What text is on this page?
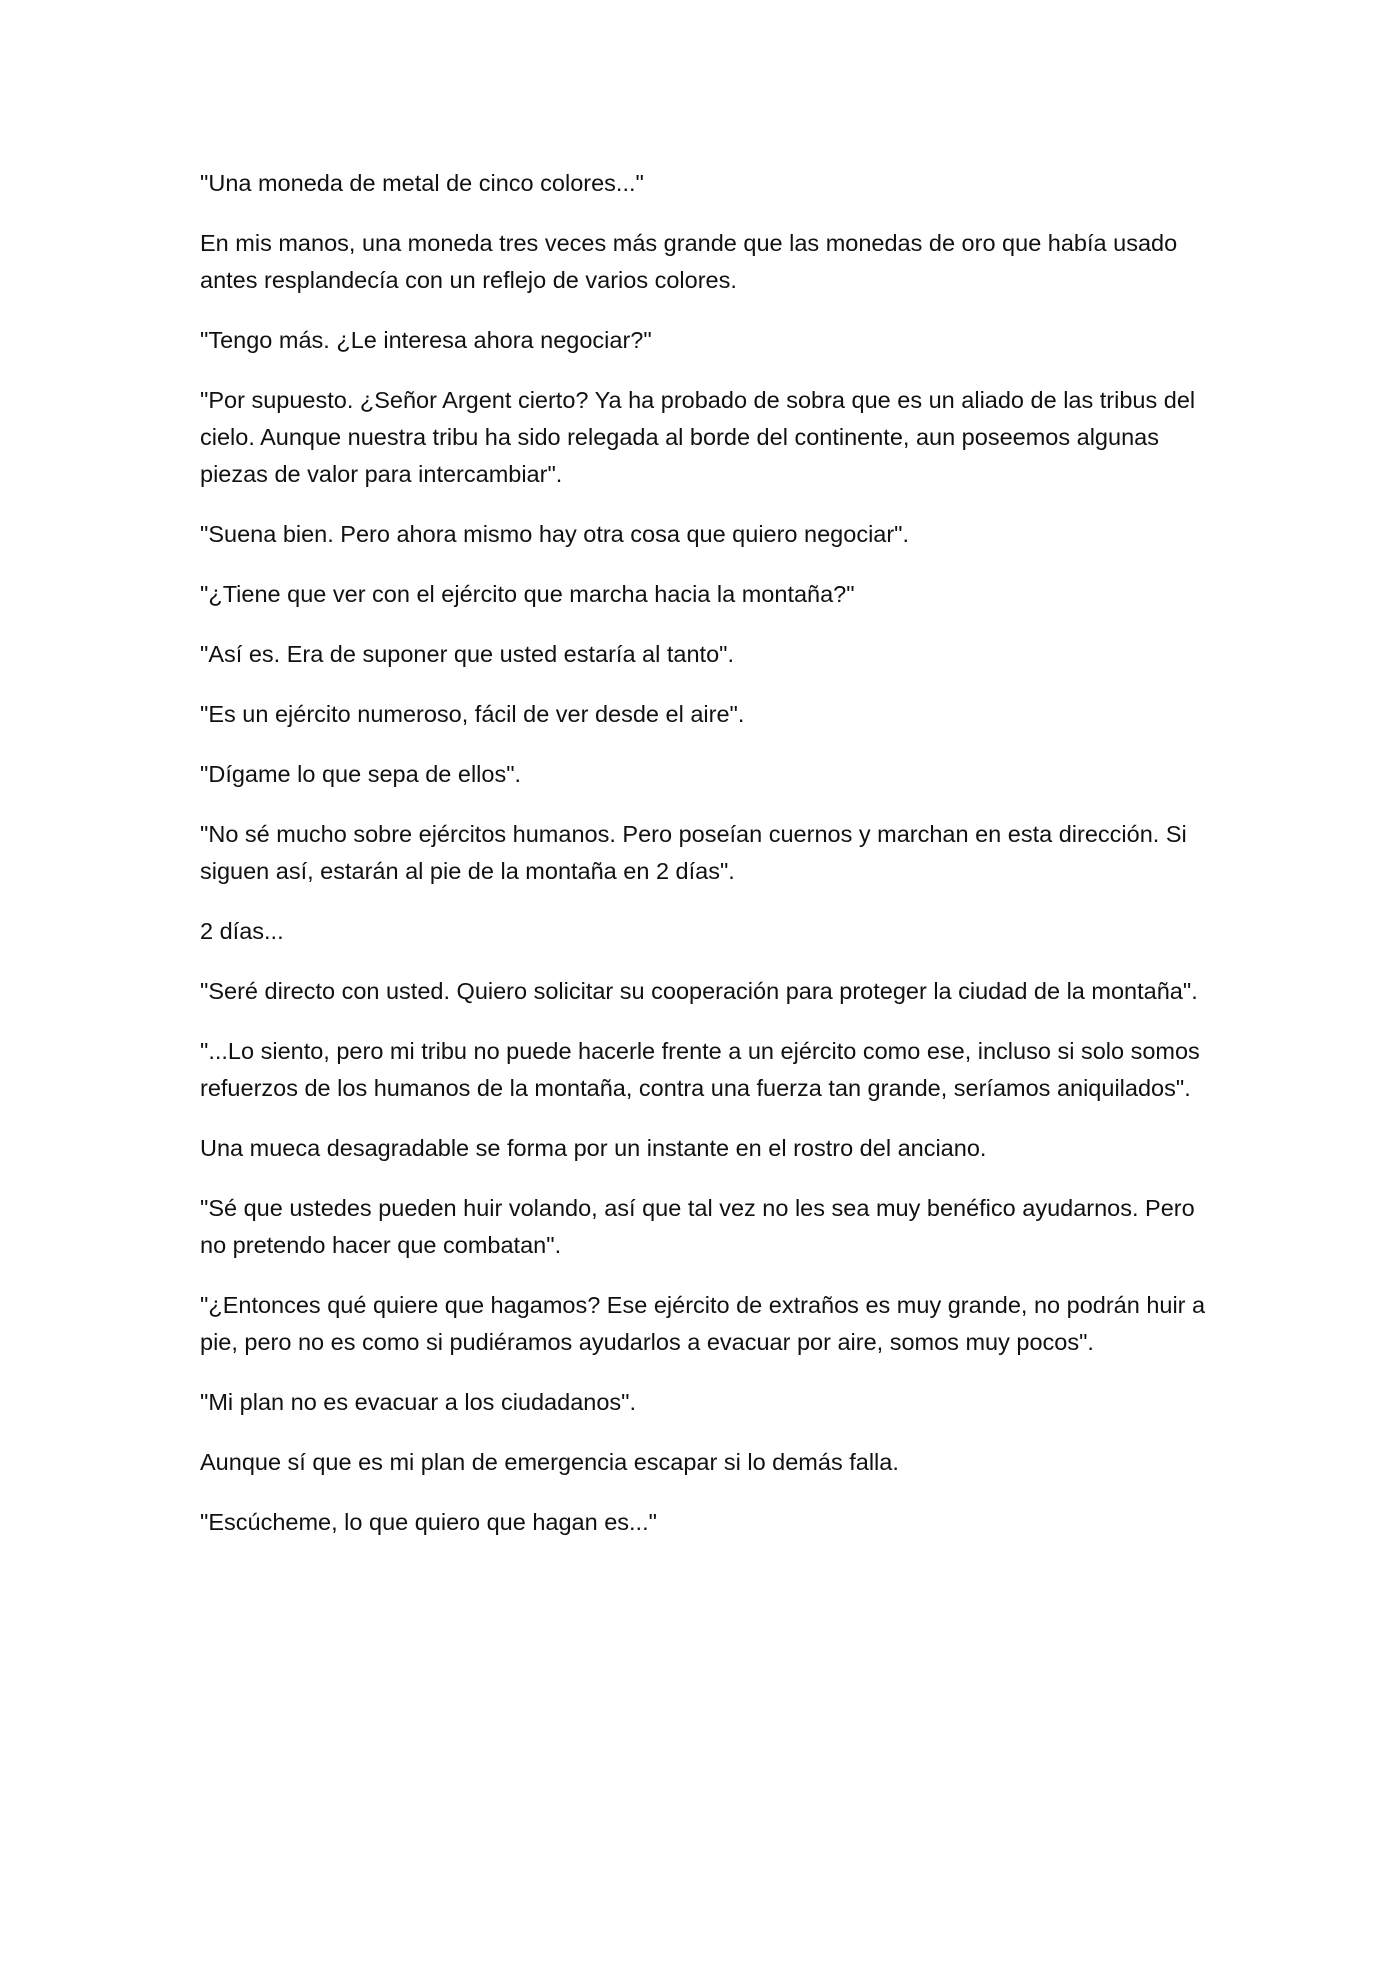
"Una moneda de metal de cinco colores..."

En mis manos, una moneda tres veces más grande que las monedas de oro que había usado antes resplandecía con un reflejo de varios colores.

"Tengo más. ¿Le interesa ahora negociar?"

"Por supuesto. ¿Señor Argent cierto? Ya ha probado de sobra que es un aliado de las tribus del cielo. Aunque nuestra tribu ha sido relegada al borde del continente, aun poseemos algunas piezas de valor para intercambiar".

"Suena bien. Pero ahora mismo hay otra cosa que quiero negociar".

"¿Tiene que ver con el ejército que marcha hacia la montaña?"

"Así es. Era de suponer que usted estaría al tanto".

"Es un ejército numeroso, fácil de ver desde el aire".

"Dígame lo que sepa de ellos".

"No sé mucho sobre ejércitos humanos. Pero poseían cuernos y marchan en esta dirección. Si siguen así, estarán al pie de la montaña en 2 días".

2 días...

"Seré directo con usted. Quiero solicitar su cooperación para proteger la ciudad de la montaña".

"...Lo siento, pero mi tribu no puede hacerle frente a un ejército como ese, incluso si solo somos refuerzos de los humanos de la montaña, contra una fuerza tan grande, seríamos aniquilados".

Una mueca desagradable se forma por un instante en el rostro del anciano.

"Sé que ustedes pueden huir volando, así que tal vez no les sea muy benéfico ayudarnos. Pero no pretendo hacer que combatan".

"¿Entonces qué quiere que hagamos? Ese ejército de extraños es muy grande, no podrán huir a pie, pero no es como si pudiéramos ayudarlos a evacuar por aire, somos muy pocos".

"Mi plan no es evacuar a los ciudadanos".

Aunque sí que es mi plan de emergencia escapar si lo demás falla.

"Escúcheme, lo que quiero que hagan es..."
